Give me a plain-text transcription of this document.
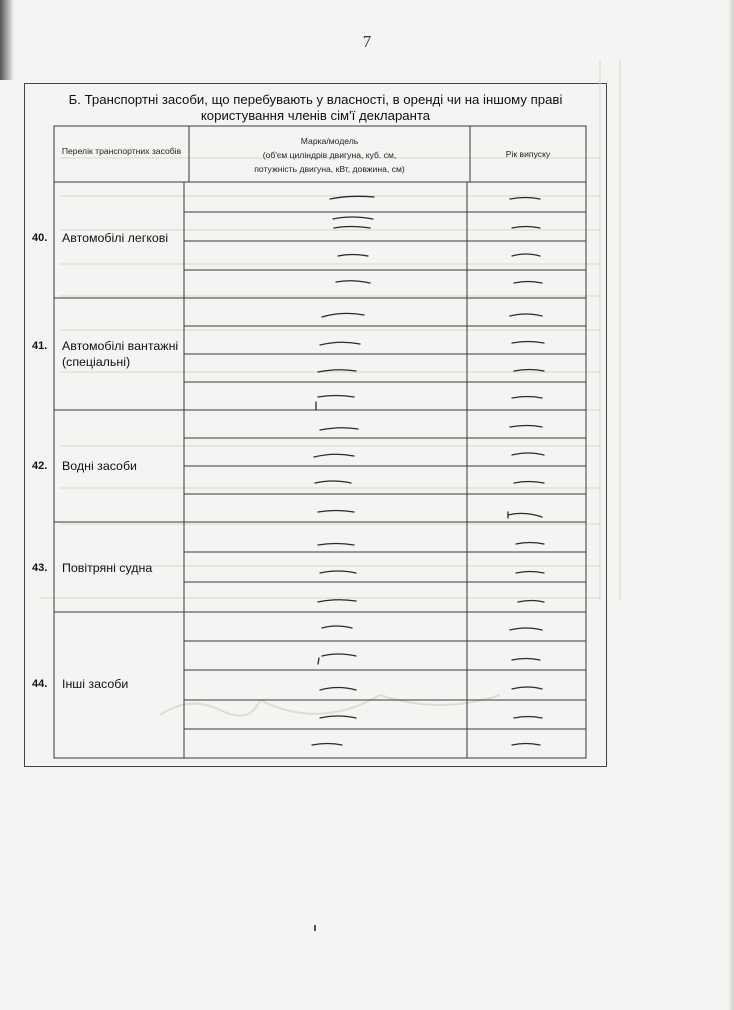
7
Б. Транспортні засоби, що перебувають у власності, в оренді чи на іншому праві
користування членів сім'ї декларанта
Перелік транспортних засобів
Марка/модель
(об'єм циліндрів двигуна, куб. см,
потужність двигуна, кВт, довжина, см)
Рік випуску
40. Автомобілі легкові
41. Автомобілі вантажні
(спеціальні)
42. Водні засоби
43. Повітряні судна
44. Інші засоби
